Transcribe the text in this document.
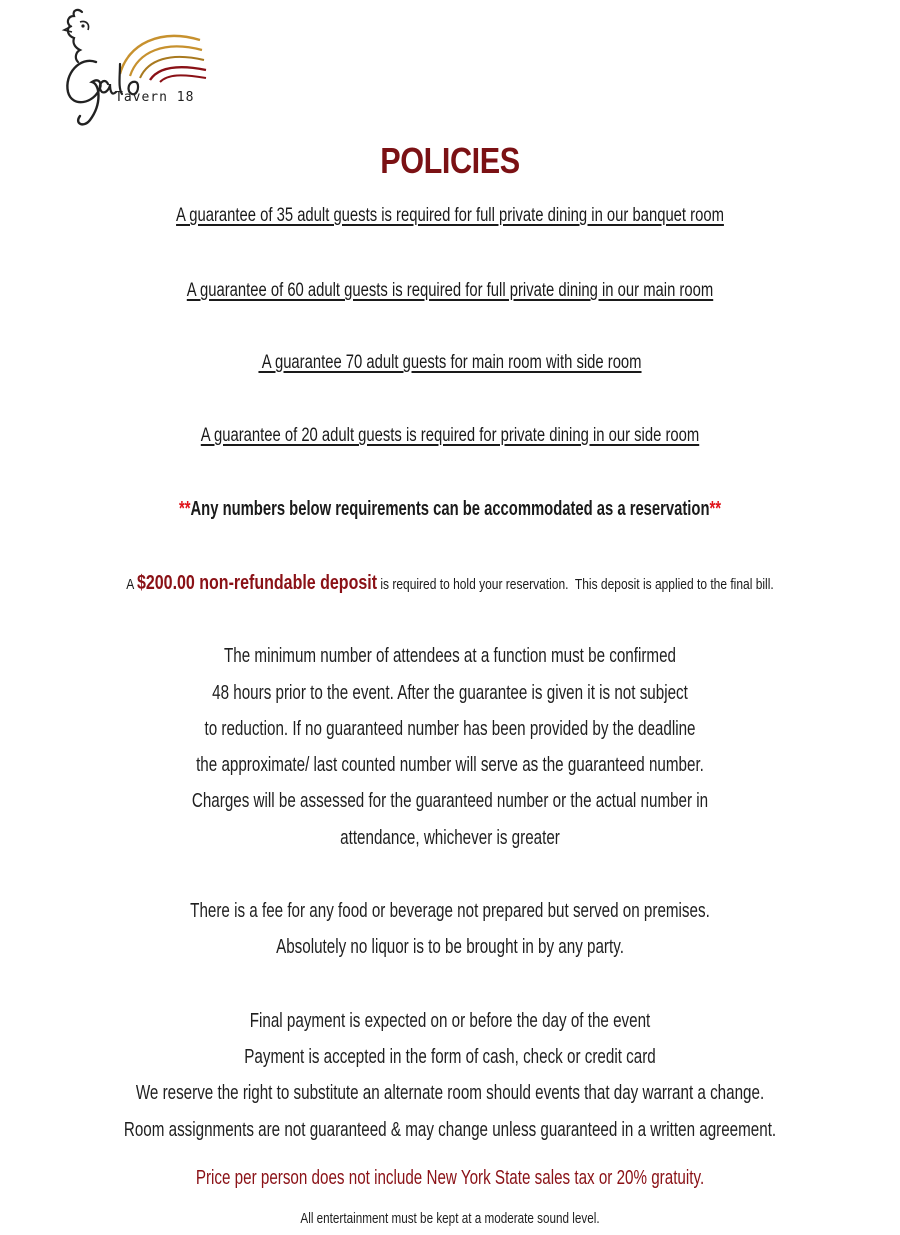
Tavern 18
POLICIES
A guarantee of 35 adult guests is required for full private dining in our banquet room
A guarantee of 60 adult guests is required for full private dining in our main room
A guarantee 70 adult guests for main room with side room
A guarantee of 20 adult guests is required for private dining in our side room
**Any numbers below requirements can be accommodated as a reservation**
A $200.00 non-refundable deposit is required to hold your reservation.  This deposit is applied to the final bill.
The minimum number of attendees at a function must be confirmed
48 hours prior to the event. After the guarantee is given it is not subject
to reduction. If no guaranteed number has been provided by the deadline
the approximate/ last counted number will serve as the guaranteed number.
Charges will be assessed for the guaranteed number or the actual number in
attendance, whichever is greater
There is a fee for any food or beverage not prepared but served on premises.
Absolutely no liquor is to be brought in by any party.
Final payment is expected on or before the day of the event
Payment is accepted in the form of cash, check or credit card
We reserve the right to substitute an alternate room should events that day warrant a change.
Room assignments are not guaranteed & may change unless guaranteed in a written agreement.
Price per person does not include New York State sales tax or 20% gratuity.
All entertainment must be kept at a moderate sound level.
